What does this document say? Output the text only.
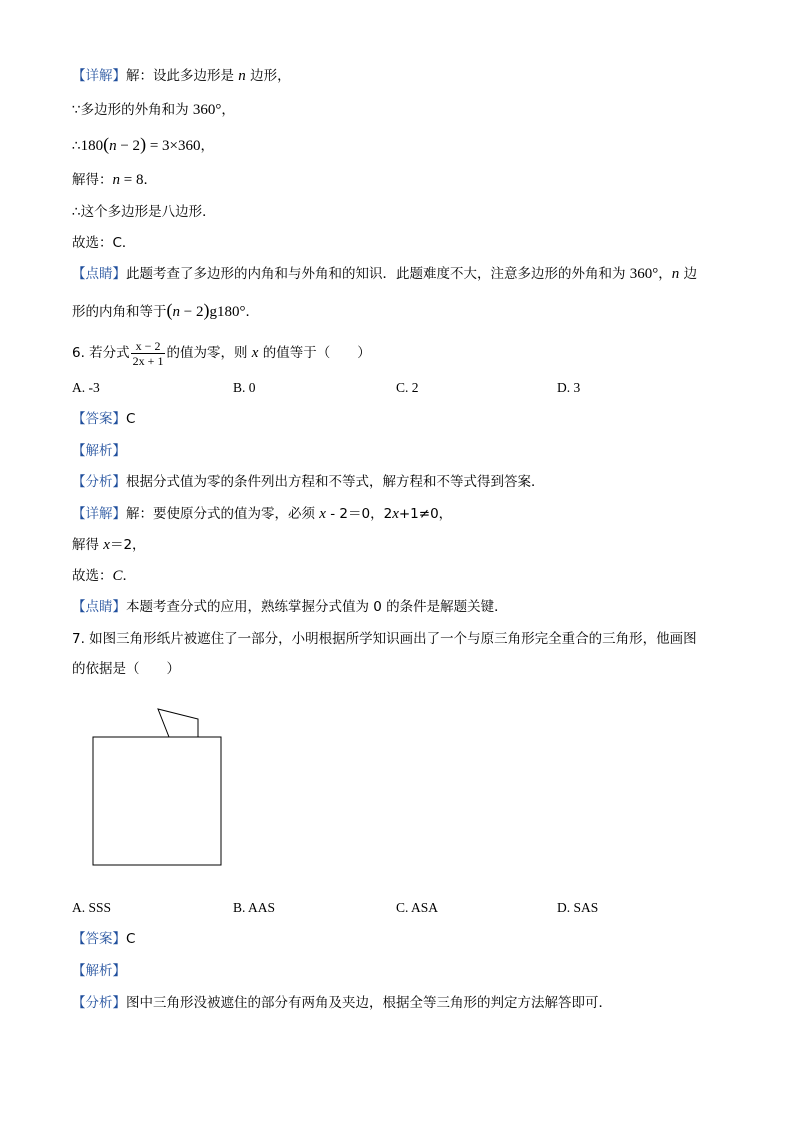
【详解】解：设此多边形是 n 边形，
∵多边形的外角和为 360°，
∴180(n − 2) = 3×360，
解得：n = 8．
∴这个多边形是八边形．
故选：C．
【点睛】此题考查了多边形的内角和与外角和的知识．此题难度不大，注意多边形的外角和为 360°，n 边
形的内角和等于(n − 2)g180°．
6. 若分式 $\frac{x - 2}{2x + 1}$ 的值为零，则 x 的值等于（　　）
A. ‐3	B. 0	C. 2	D. 3
【答案】C
【解析】
【分析】根据分式值为零的条件列出方程和不等式，解方程和不等式得到答案．
【详解】解：要使原分式的值为零，必须 x ‐ 2＝0，2x+1≠0，
解得 x＝2，
故选：C．
【点睛】本题考查分式的应用，熟练掌握分式值为 0 的条件是解题关键．
7. 如图三角形纸片被遮住了一部分，小明根据所学知识画出了一个与原三角形完全重合的三角形，他画图
的依据是（　　）
A. SSS	B. AAS	C. ASA	D. SAS
【答案】C
【解析】
【分析】图中三角形没被遮住的部分有两角及夹边，根据全等三角形的判定方法解答即可．
